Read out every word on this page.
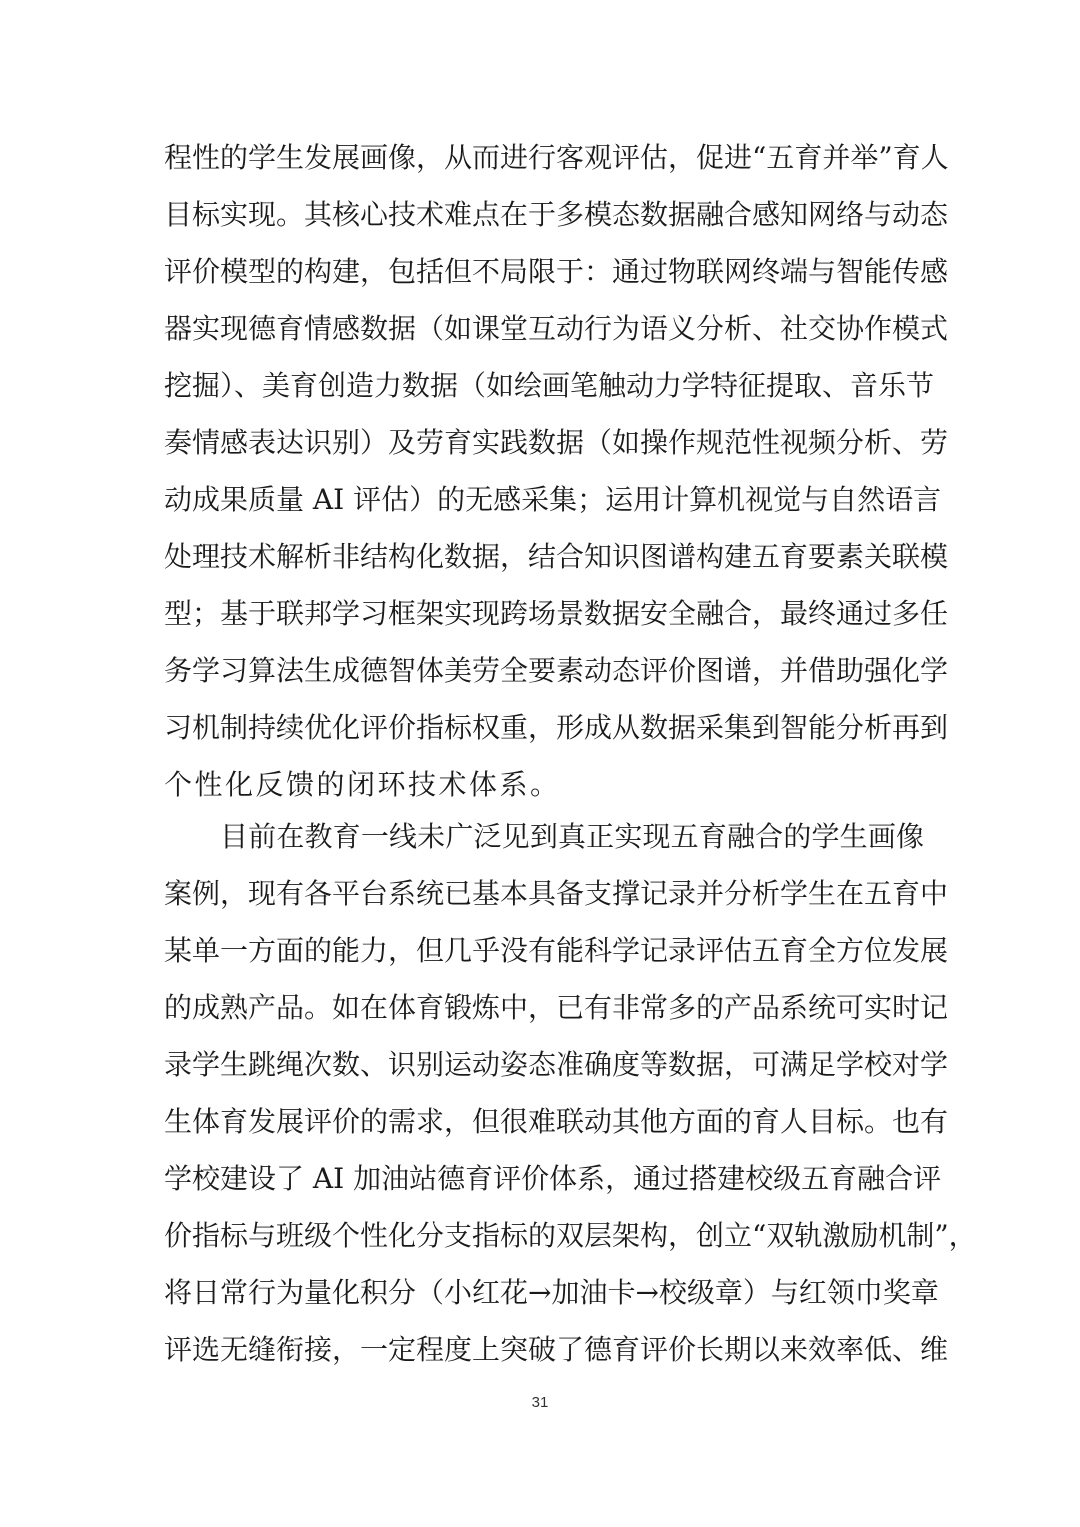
程性的学生发展画像，从而进行客观评估，促进“五育并举”育人
目标实现。其核心技术难点在于多模态数据融合感知网络与动态
评价模型的构建，包括但不局限于：通过物联网终端与智能传感
器实现德育情感数据（如课堂互动行为语义分析、社交协作模式
挖掘）、美育创造力数据（如绘画笔触动力学特征提取、音乐节
奏情感表达识别）及劳育实践数据（如操作规范性视频分析、劳
动成果质量 AI 评估）的无感采集；运用计算机视觉与自然语言
处理技术解析非结构化数据，结合知识图谱构建五育要素关联模
型；基于联邦学习框架实现跨场景数据安全融合，最终通过多任
务学习算法生成德智体美劳全要素动态评价图谱，并借助强化学
习机制持续优化评价指标权重，形成从数据采集到智能分析再到
个性化反馈的闭环技术体系。
目前在教育一线未广泛见到真正实现五育融合的学生画像
案例，现有各平台系统已基本具备支撑记录并分析学生在五育中
某单一方面的能力，但几乎没有能科学记录评估五育全方位发展
的成熟产品。如在体育锻炼中，已有非常多的产品系统可实时记
录学生跳绳次数、识别运动姿态准确度等数据，可满足学校对学
生体育发展评价的需求，但很难联动其他方面的育人目标。也有
学校建设了 AI 加油站德育评价体系，通过搭建校级五育融合评
价指标与班级个性化分支指标的双层架构，创立“双轨激励机制”，
将日常行为量化积分（小红花→加油卡→校级章）与红领巾奖章
评选无缝衔接，一定程度上突破了德育评价长期以来效率低、维
31
